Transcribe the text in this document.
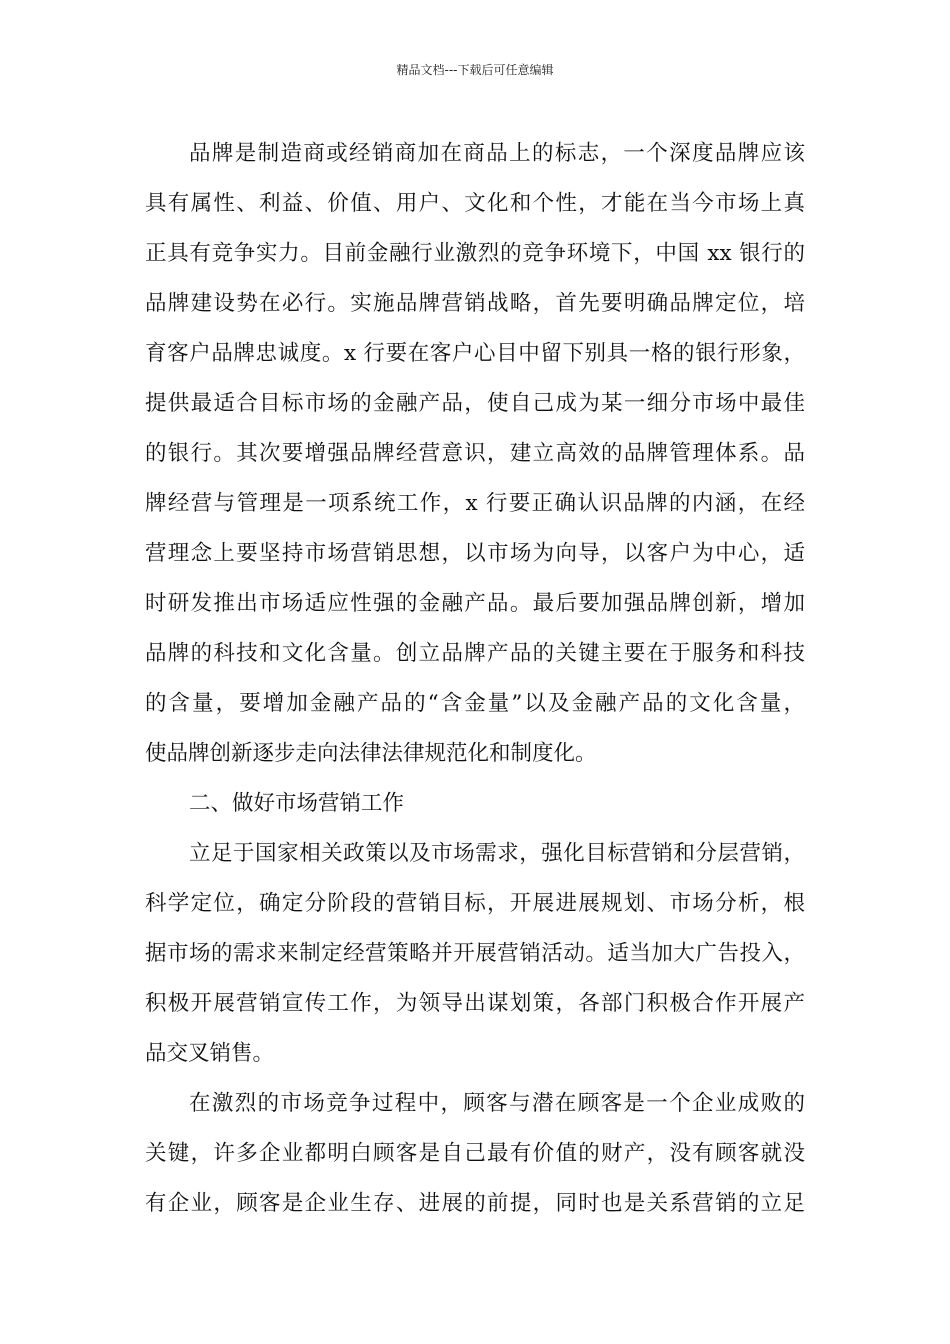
精品文档---下载后可任意编辑
品牌是制造商或经销商加在商品上的标志，一个深度品牌应该
具有属性、利益、价值、用户、文化和个性，才能在当今市场上真
正具有竞争实力。目前金融行业激烈的竞争环境下，中国 xx 银行的
品牌建设势在必行。实施品牌营销战略，首先要明确品牌定位，培
育客户品牌忠诚度。x 行要在客户心目中留下别具一格的银行形象，
提供最适合目标市场的金融产品，使自己成为某一细分市场中最佳
的银行。其次要增强品牌经营意识，建立高效的品牌管理体系。品
牌经营与管理是一项系统工作，x 行要正确认识品牌的内涵，在经
营理念上要坚持市场营销思想，以市场为向导，以客户为中心，适
时研发推出市场适应性强的金融产品。最后要加强品牌创新，增加
品牌的科技和文化含量。创立品牌产品的关键主要在于服务和科技
的含量，要增加金融产品的“含金量”以及金融产品的文化含量，
使品牌创新逐步走向法律法律规范化和制度化。
二、做好市场营销工作
立足于国家相关政策以及市场需求，强化目标营销和分层营销，
科学定位，确定分阶段的营销目标，开展进展规划、市场分析，根
据市场的需求来制定经营策略并开展营销活动。适当加大广告投入，
积极开展营销宣传工作，为领导出谋划策，各部门积极合作开展产
品交叉销售。
在激烈的市场竞争过程中，顾客与潜在顾客是一个企业成败的
关键，许多企业都明白顾客是自己最有价值的财产，没有顾客就没
有企业，顾客是企业生存、进展的前提，同时也是关系营销的立足
